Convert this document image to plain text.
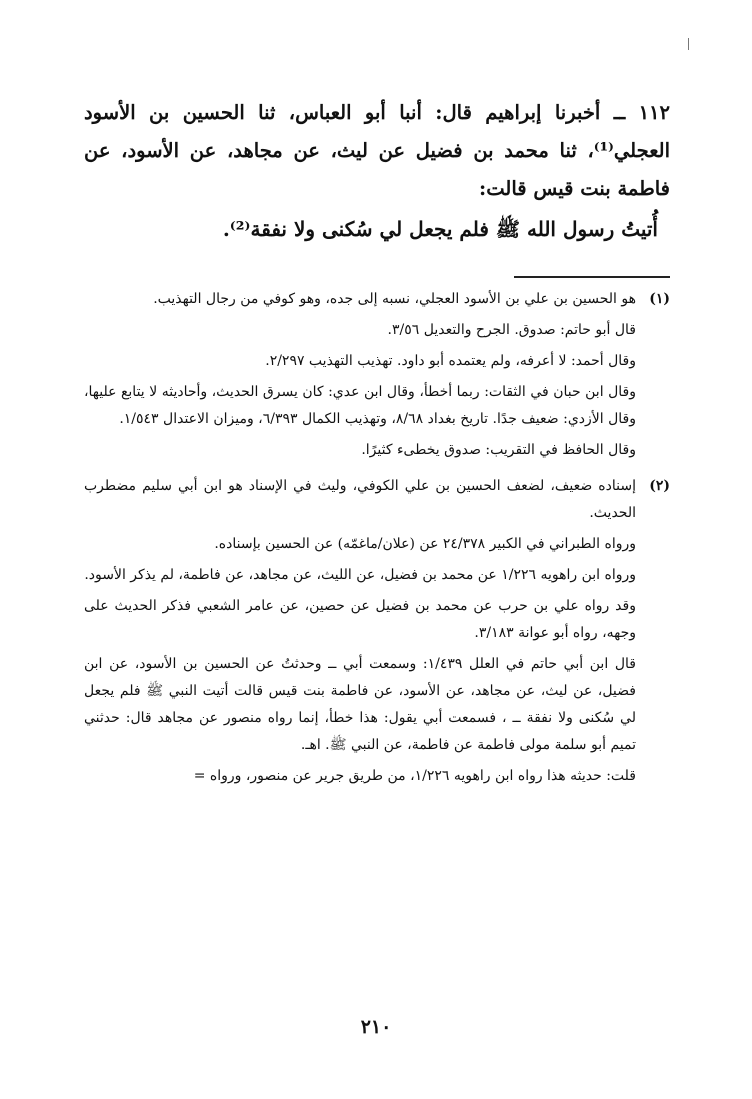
١١٢ ــ أخبرنا إبراهيم قال: أنبا أبو العباس، ثنا الحسين بن الأسود العجلي⁽¹⁾، ثنا محمد بن فضيل عن ليث، عن مجاهد، عن الأسود، عن فاطمة بنت قيس قالت:

أُتيتُ رسول الله ﷺ فلم يجعل لي سُكنى ولا نفقة⁽²⁾.

(١)

هو الحسين بن علي بن الأسود العجلي، نسبه إلى جده، وهو كوفي من رجال التهذيب.

قال أبو حاتم: صدوق. الجرح والتعديل ٣/٥٦.

وقال أحمد: لا أعرفه، ولم يعتمده أبو داود. تهذيب التهذيب ٢/٢٩٧.

وقال ابن حبان في الثقات: ربما أخطأ، وقال ابن عدي: كان يسرق الحديث، وأحاديثه لا يتابع عليها، وقال الأزدي: ضعيف جدًا. تاريخ بغداد ٨/٦٨، وتهذيب الكمال ٦/٣٩٣، وميزان الاعتدال ١/٥٤٣.

وقال الحافظ في التقريب: صدوق يخطىء كثيرًا.

(٢)

إسناده ضعيف، لضعف الحسين بن علي الكوفي، وليث في الإسناد هو ابن أبي سليم مضطرب الحديث.

ورواه الطبراني في الكبير ٢٤/٣٧٨ عن (علان/ماغمّه) عن الحسين بإسناده.

ورواه ابن راهويه ١/٢٢٦ عن محمد بن فضيل، عن الليث، عن مجاهد، عن فاطمة، لم يذكر الأسود.

وقد رواه علي بن حرب عن محمد بن فضيل عن حصين، عن عامر الشعبي فذكر الحديث على وجهه، رواه أبو عوانة ٣/١٨٣.

قال ابن أبي حاتم في العلل ١/٤٣٩: وسمعت أبي ــ وحدثتُ عن الحسين بن الأسود، عن ابن فضيل، عن ليث، عن مجاهد، عن الأسود، عن فاطمة بنت قيس قالت أتيت النبي ﷺ فلم يجعل لي سُكنى ولا نفقة ــ ، فسمعت أبي يقول: هذا خطأ، إنما رواه منصور عن مجاهد قال: حدثني تميم أبو سلمة مولى فاطمة عن فاطمة، عن النبي ﷺ. اهـ.

قلت: حديثه هذا رواه ابن راهويه ١/٢٢٦، من طريق جرير عن منصور، ورواه =

٢١٠
